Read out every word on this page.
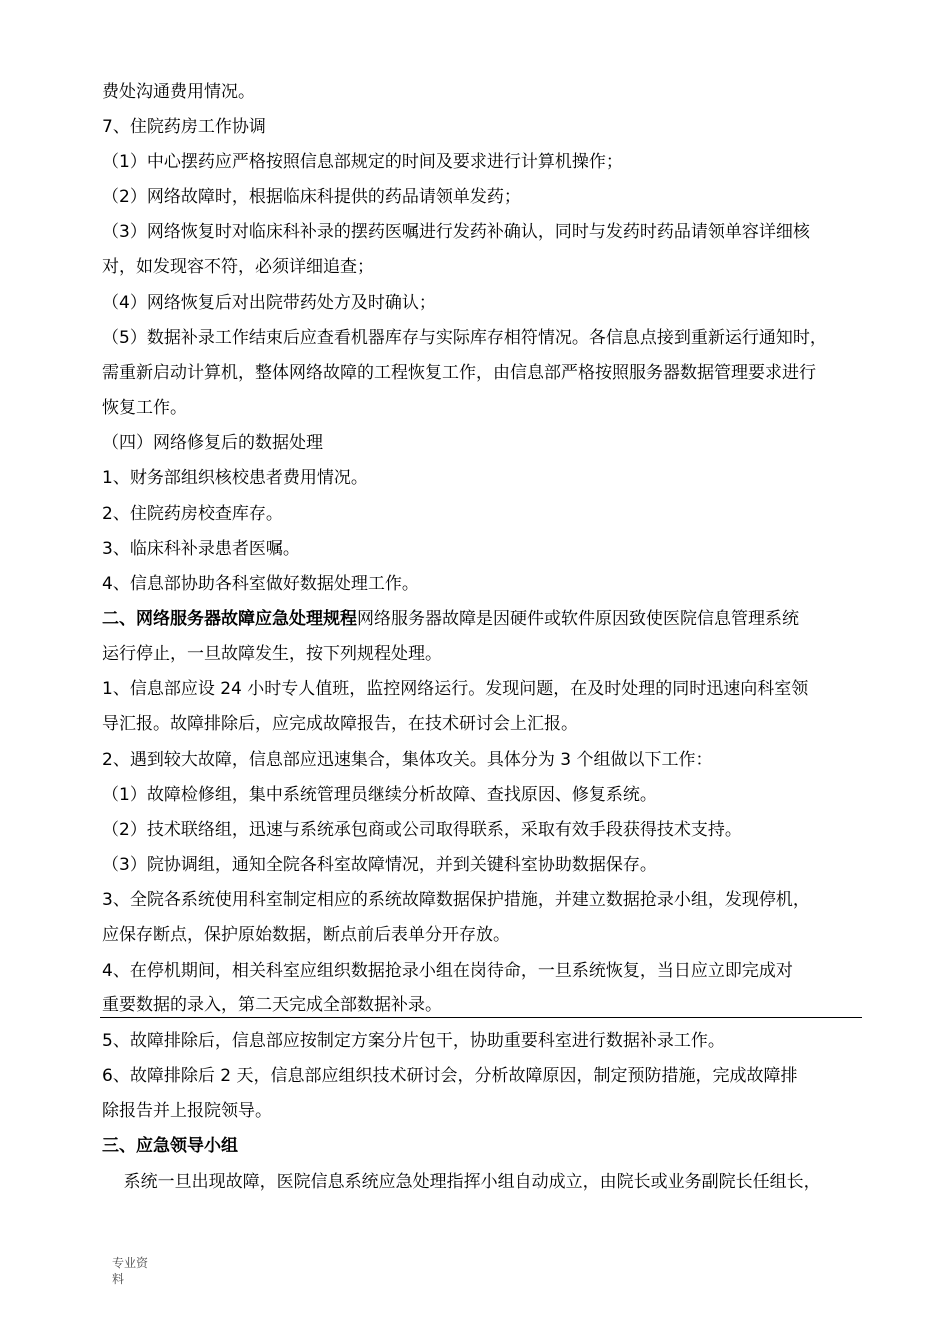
费处沟通费用情况。

7、住院药房工作协调

（1）中心摆药应严格按照信息部规定的时间及要求进行计算机操作；

（2）网络故障时，根据临床科提供的药品请领单发药；

（3）网络恢复时对临床科补录的摆药医嘱进行发药补确认，同时与发药时药品请领单容详细核

对，如发现容不符，必须详细追查；

（4）网络恢复后对出院带药处方及时确认；

（5）数据补录工作结束后应查看机器库存与实际库存相符情况。各信息点接到重新运行通知时，

需重新启动计算机，整体网络故障的工程恢复工作，由信息部严格按照服务器数据管理要求进行

恢复工作。

（四）网络修复后的数据处理

1、财务部组织核校患者费用情况。

2、住院药房校查库存。

3、临床科补录患者医嘱。

4、信息部协助各科室做好数据处理工作。

二、网络服务器故障应急处理规程网络服务器故障是因硬件或软件原因致使医院信息管理系统

运行停止，一旦故障发生，按下列规程处理。

1、信息部应设 24 小时专人值班，监控网络运行。发现问题，在及时处理的同时迅速向科室领

导汇报。故障排除后，应完成故障报告，在技术研讨会上汇报。

2、遇到较大故障，信息部应迅速集合，集体攻关。具体分为 3 个组做以下工作：

（1）故障检修组，集中系统管理员继续分析故障、查找原因、修复系统。

（2）技术联络组，迅速与系统承包商或公司取得联系，采取有效手段获得技术支持。

（3）院协调组，通知全院各科室故障情况，并到关键科室协助数据保存。

3、全院各系统使用科室制定相应的系统故障数据保护措施，并建立数据抢录小组，发现停机，

应保存断点，保护原始数据，断点前后表单分开存放。

4、在停机期间，相关科室应组织数据抢录小组在岗待命，一旦系统恢复，当日应立即完成对

重要数据的录入，第二天完成全部数据补录。

5、故障排除后，信息部应按制定方案分片包干，协助重要科室进行数据补录工作。

6、故障排除后 2 天，信息部应组织技术研讨会，分析故障原因，制定预防措施，完成故障排

除报告并上报院领导。

三、应急领导小组

系统一旦出现故障，医院信息系统应急处理指挥小组自动成立，由院长或业务副院长任组长，

专业资
料
